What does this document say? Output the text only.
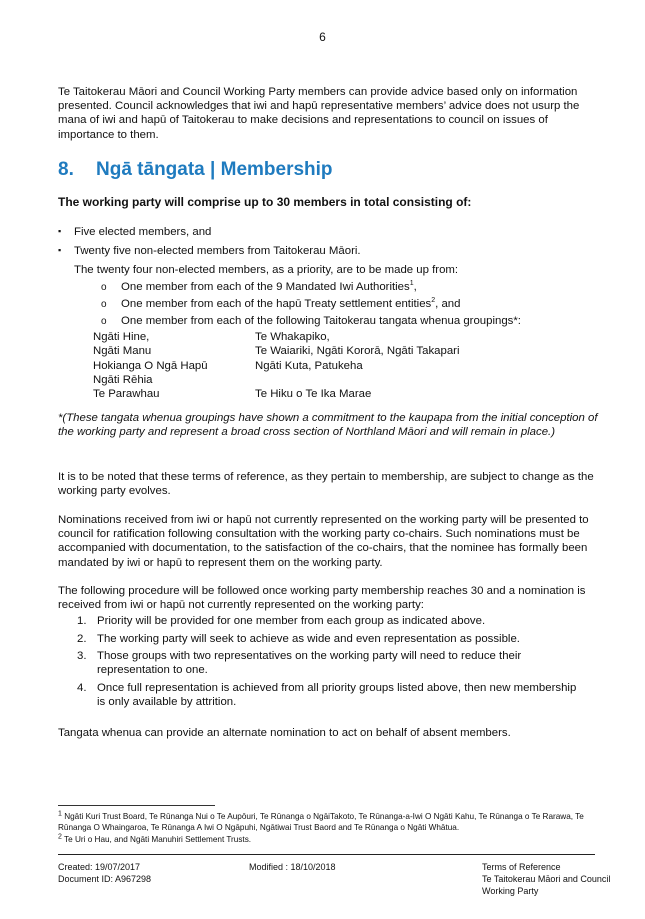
6

Te Taitokerau Māori and Council Working Party members can provide advice based only on information presented. Council acknowledges that iwi and hapū representative members’ advice does not usurp the mana of iwi and hapū of Taitokerau to make decisions and representations to council on issues of importance to them.

8. Ngā tāngata | Membership

The working party will comprise up to 30 members in total consisting of:

▪ Five elected members, and
▪ Twenty five non-elected members from Taitokerau Māori.

The twenty four non-elected members, as a priority, are to be made up from:

o One member from each of the 9 Mandated Iwi Authorities$^1$,
o One member from each of the hapū Treaty settlement entities$^2$, and
o One member from each of the following Taitokerau tangata whenua groupings*:
Ngāti Hine,
Ngāti Manu
Hokianga O Ngā Hapū
Ngāti Rēhia
Te Parawhau
Te Whakapiko,
Te Waiariki, Ngāti Kororā, Ngāti Takapari
Ngāti Kuta, Patukeha
Te Hiku o Te Ika Marae

*(These tangata whenua groupings have shown a commitment to the kaupapa from the initial conception of the working party and represent a broad cross section of Northland Māori and will remain in place.)

It is to be noted that these terms of reference, as they pertain to membership, are subject to change as the working party evolves.

Nominations received from iwi or hapū not currently represented on the working party will be presented to council for ratification following consultation with the working party co-chairs. Such nominations must be accompanied with documentation, to the satisfaction of the co-chairs, that the nominee has formally been mandated by iwi or hapū to represent them on the working party.

The following procedure will be followed once working party membership reaches 30 and a nomination is received from iwi or hapū not currently represented on the working party:

1. Priority will be provided for one member from each group as indicated above.
2. The working party will seek to achieve as wide and even representation as possible.
3. Those groups with two representatives on the working party will need to reduce their representation to one.
4. Once full representation is achieved from all priority groups listed above, then new membership is only available by attrition.

Tangata whenua can provide an alternate nomination to act on behalf of absent members.

$^1$ Ngāti Kuri Trust Board, Te Rūnanga Nui o Te Aupōuri, Te Rūnanga o NgāiTakoto, Te Rūnanga-a-Iwi O Ngāti Kahu, Te Rūnanga o Te Rarawa, Te Rūnanga O Whaingaroa, Te Rūnanga A Iwi O Ngāpuhi, Ngātiwai Trust Baord and Te Rūnanga o Ngāti Whātua.
$^2$ Te Uri o Hau, and Ngāti Manuhiri Settlement Trusts.
Created: 19/07/2017
Document ID: A967298
Modified : 18/10/2018	Terms of Reference
Te Taitokerau Māori and Council
Working Party
